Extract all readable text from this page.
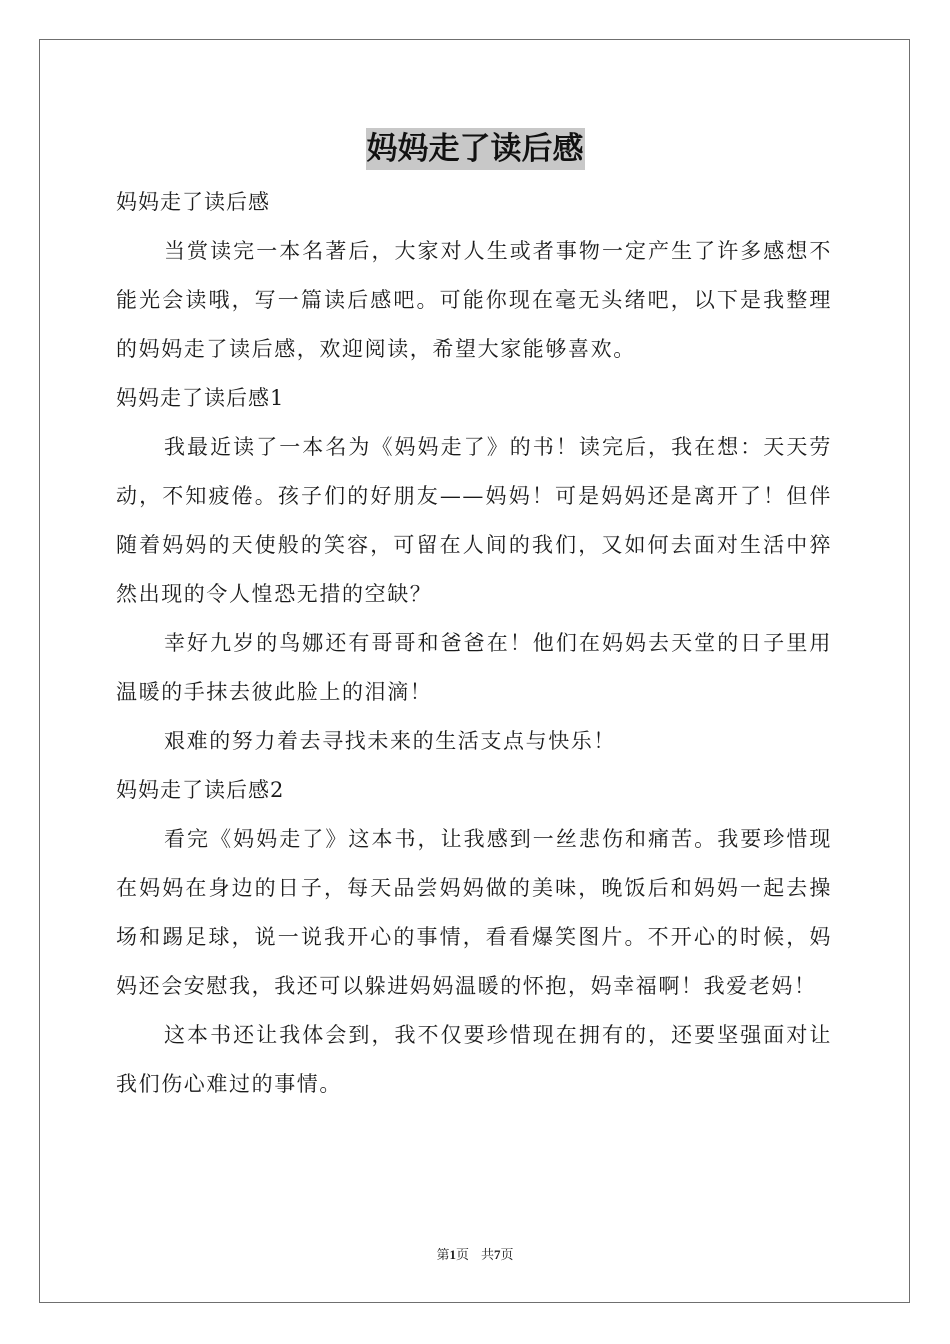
妈妈走了读后感

妈妈走了读后感

当赏读完一本名著后，大家对人生或者事物一定产生了许多感想不能光会读哦，写一篇读后感吧。可能你现在毫无头绪吧，以下是我整理的妈妈走了读后感，欢迎阅读，希望大家能够喜欢。

妈妈走了读后感1

我最近读了一本名为《妈妈走了》的书！读完后，我在想：天天劳动，不知疲倦。孩子们的好朋友——妈妈！可是妈妈还是离开了！但伴随着妈妈的天使般的笑容，可留在人间的我们，又如何去面对生活中猝然出现的令人惶恐无措的空缺？

幸好九岁的鸟娜还有哥哥和爸爸在！他们在妈妈去天堂的日子里用温暖的手抹去彼此脸上的泪滴！

艰难的努力着去寻找未来的生活支点与快乐！

妈妈走了读后感2

看完《妈妈走了》这本书，让我感到一丝悲伤和痛苦。我要珍惜现在妈妈在身边的日子，每天品尝妈妈做的美味，晚饭后和妈妈一起去操场和踢足球，说一说我开心的事情，看看爆笑图片。不开心的时候，妈妈还会安慰我，我还可以躲进妈妈温暖的怀抱，妈幸福啊！我爱老妈！

这本书还让我体会到，我不仅要珍惜现在拥有的，还要坚强面对让我们伤心难过的事情。

第1页 共7页
